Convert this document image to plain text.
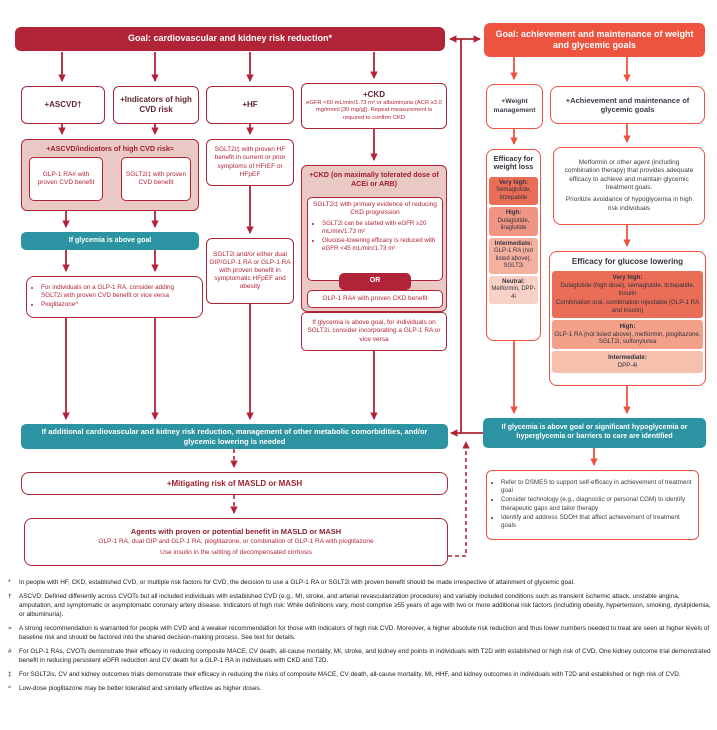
Goal: cardiovascular and kidney risk reduction*	Goal: achievement and maintenance of weight and glycemic goals
+ASCVD†
+Indicators of high CVD risk
+HF
+CKD
eGFR <60 mL/min/1.73 m² or albuminuria (ACR ≥3.0 mg/mmol [30 mg/g]). Repeat measurement is required to confirm CKD
+ASCVD/indicators of high CVD risk≈
GLP-1 RA# with proven CVD benefit
SGLT2i‡ with proven CVD benefit
If glycemia is above goal
• For individuals on a GLP-1 RA, consider adding SGLT2i with proven CVD benefit or vice versa
• Pioglitazone^
SGLT2i‡ with proven HF benefit in current or prior symptoms of HFrEF or HFpEF
SGLT2i and/or either dual GIP/GLP-1 RA or GLP-1 RA with proven benefit in symptomatic HFpEF and obesity
+CKD (on maximally tolerated dose of ACEi or ARB)
SGLT2i‡ with primary evidence of reducing CKD progression
• SGLT2i can be started with eGFR ≥20 mL/min/1.73 m²
• Glucose-lowering efficacy is reduced with eGFR <45 mL/min/1.73 m²
OR
GLP-1 RA# with proven CKD benefit
If glycemia is above goal, for individuals on SGLT2i, consider incorporating a GLP-1 RA or vice versa
If additional cardiovascular and kidney risk reduction, management of other metabolic comorbidities, and/or glycemic lowering is needed
+Mitigating risk of MASLD or MASH
Agents with proven or potential benefit in MASLD or MASH
GLP-1 RA, dual GIP and GLP-1 RA, pioglitazone, or combination of GLP-1 RA with pioglitazone
Use insulin in the setting of decompensated cirrhosis
+Weight management
+Achievement and maintenance of glycemic goals
Efficacy for weight loss
Very high:
Semaglutide, tirzepatide
High:
Dulaglutide, liraglutide
Intermediate:
GLP-1 RA (not listed above), SGLT2i
Neutral:
Metformin, DPP-4i
Metformin or other agent (including combination therapy) that provides adequate efficacy to achieve and maintain glycemic treatment goals.
Prioritize avoidance of hypoglycemia in high risk individuals
Efficacy for glucose lowering
Very high:
Dulaglutide (high dose), semaglutide, tirzepatide, insulin
Combination oral, combination injectable (GLP-1 RA and insulin)
High:
GLP-1 RA (not listed above), metformin, pioglitazone, SGLT2i, sulfonylurea
Intermediate:
DPP-4i
If glycemia is above goal or significant hypoglycemia or hyperglycemia or barriers to care are identified
• Refer to DSMES to support self-efficacy in achievement of treatment goal
• Consider technology (e.g., diagnostic or personal CGM) to identify therapeutic gaps and tailor therapy
• Identify and address SDOH that affect achievement of treatment goals
*	In people with HF, CKD, established CVD, or multiple risk factors for CVD, the decision to use a GLP-1 RA or SGLT2i with proven benefit should be made irrespective of attainment of glycemic goal.
†	ASCVD: Defined differently across CVOTs but all included individuals with established CVD (e.g., MI, stroke, and arterial revascularization procedure) and variably included conditions such as transient ischemic attack, unstable angina, amputation, and symptomatic or asymptomatic coronary artery disease. Indicators of high risk: While definitions vary, most comprise ≥55 years of age with two or more additional risk factors (including obesity, hypertension, smoking, dyslipidemia, or albuminuria).
≈	A strong recommendation is warranted for people with CVD and a weaker recommendation for those with indicators of high risk CVD. Moreover, a higher absolute risk reduction and thus lower numbers needed to treat are seen at higher levels of baseline risk and should be factored into the shared decision-making process. See text for details.
#	For GLP-1 RAs, CVOTs demonstrate their efficacy in reducing composite MACE, CV death, all-cause mortality, MI, stroke, and kidney end points in individuals with T2D with established or high risk of CVD. One kidney outcome trial demonstrated benefit in reducing persistent eGFR reduction and CV death for a GLP-1 RA in individuals with CKD and T2D.
‡	For SGLT2is, CV and kidney outcomes trials demonstrate their efficacy in reducing the risks of composite MACE, CV death, all-cause mortality, MI, HHF, and kidney outcomes in individuals with T2D and established or high risk of CVD.
^	Low-dose pioglitazone may be better tolerated and similarly effective as higher doses.
